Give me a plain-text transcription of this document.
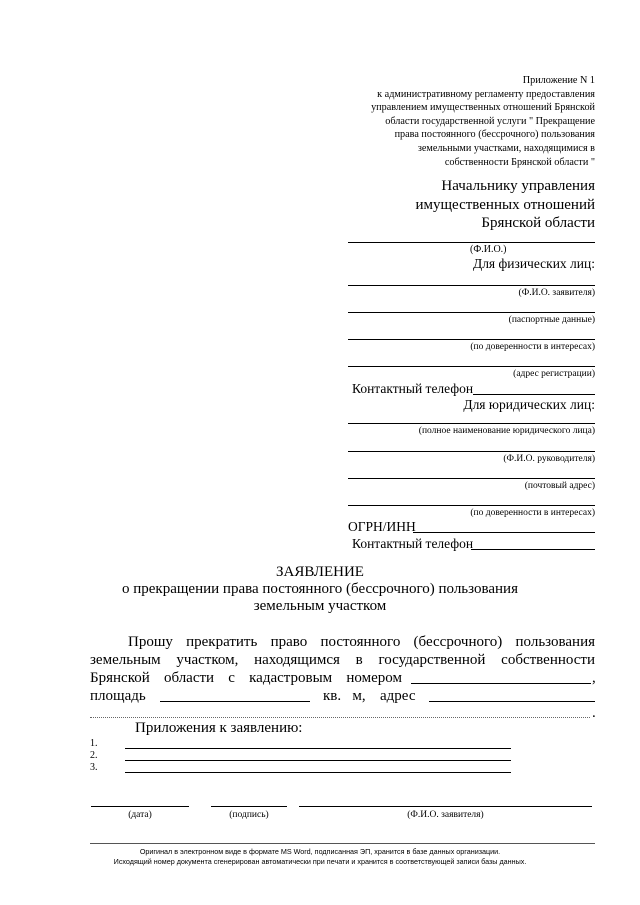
Приложение N 1
к административному регламенту предоставления
управлением имущественных отношений Брянской
области государственной услуги " Прекращение
права постоянного (бессрочного) пользования
земельными участками, находящимися в
собственности Брянской области "
Начальнику управления
имущественных отношений
Брянской области
(Ф.И.О.)
Для физических лиц:
(Ф.И.О. заявителя)
(паспортные данные)
(по доверенности в интересах)
(адрес регистрации)
Контактный телефон
Для юридических лиц:
(полное наименование юридического лица)
(Ф.И.О. руководителя)
(почтовый адрес)
(по доверенности в интересах)
ОГРН/ИНН
Контактный телефон
ЗАЯВЛЕНИЕ
о прекращении права постоянного (бессрочного) пользования
земельным участком
Прошу прекратить право постоянного (бессрочного) пользования
земельным участком, находящимся в государственной собственности
Брянской области с кадастровым номером	,
площадь	кв.   м, адрес
.
Приложения к заявлению:
1.
2.
3.
(дата)	(подпись)	(Ф.И.О. заявителя)
Оригинал в электронном виде в формате MS Word, подписанная ЭП, хранится в базе данных организации.
Исходящий номер документа сгенерирован автоматически при печати и хранится в соответствующей записи базы данных.
